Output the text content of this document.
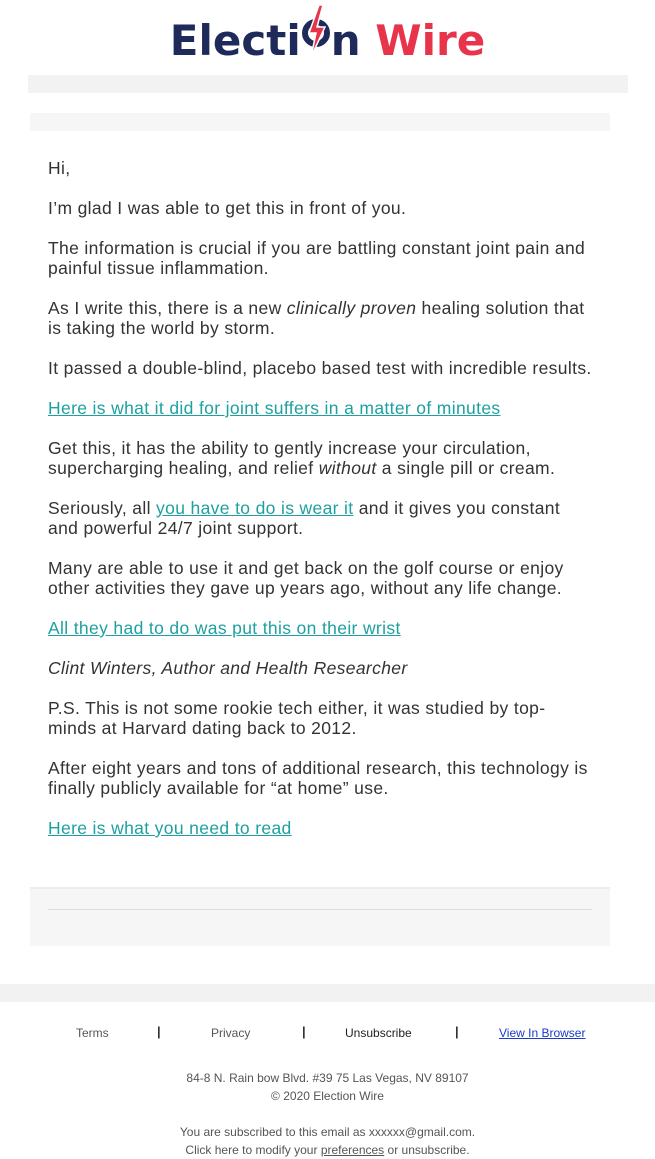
Electi n Wire

Hi,

I’m glad I was able to get this in front of you.

The information is crucial if you are battling constant joint pain and painful tissue inflammation.

As I write this, there is a new clinically proven healing solution that is taking the world by storm.

It passed a double-blind, placebo based test with incredible results.

Here is what it did for joint suffers in a matter of minutes

Get this, it has the ability to gently increase your circulation, supercharging healing, and relief without a single pill or cream.

Seriously, all you have to do is wear it and it gives you constant and powerful 24/7 joint support.

Many are able to use it and get back on the golf course or enjoy other activities they gave up years ago, without any life change.

All they had to do was put this on their wrist

Clint Winters, Author and Health Researcher

P.S. This is not some rookie tech either, it was studied by top-minds at Harvard dating back to 2012.

After eight years and tons of additional research, this technology is finally publicly available for “at home” use.

Here is what you need to read

Terms	|	Privacy	|	Unsubscribe	|	View In Browser
84-8 N. Rain bow Blvd. #39 75 Las Vegas, NV 89107
© 2020 Election Wire
You are subscribed to this email as xxxxxx@gmail.com.
Click here to modify your preferences or unsubscribe.
